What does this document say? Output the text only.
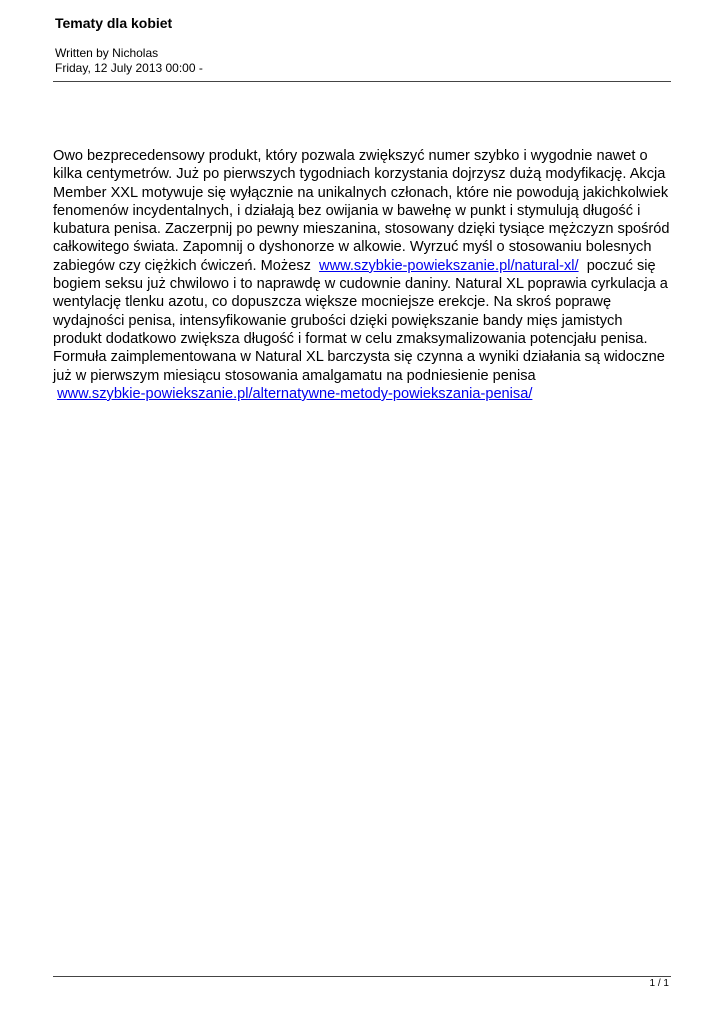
Tematy dla kobiet
Written by Nicholas
Friday, 12 July 2013 00:00 -

Owo bezprecedensowy produkt, który pozwala zwiększyć numer szybko i wygodnie nawet o kilka centymetrów. Już po pierwszych tygodniach korzystania dojrzysz dużą modyfikację. Akcja Member XXL motywuje się wyłącznie na unikalnych członach, które nie powodują jakichkolwiek fenomenów incydentalnych, i działają bez owijania w bawełnę w punkt i stymulują długość i kubatura penisa. Zaczerpnij po pewny mieszanina, stosowany dzięki tysiące mężczyzn spośród całkowitego świata. Zapomnij o dyshonorze w alkowie. Wyrzuć myśl o stosowaniu bolesnych zabiegów czy ciężkich ćwiczeń. Możesz www.szybkie-powiekszanie.pl/natural-xl/ poczuć się bogiem seksu już chwilowo i to naprawdę w cudownie daniny. Natural XL poprawia cyrkulacja a wentylację tlenku azotu, co dopuszcza większe mocniejsze erekcje. Na skroś poprawę wydajności penisa, intensyfikowanie grubości dzięki powiększanie bandy mięs jamistych produkt dodatkowo zwiększa długość i format w celu zmaksymalizowania potencjału penisa. Formuła zaimplementowana w Natural XL barczysta się czynna a wyniki działania są widoczne już w pierwszym miesiącu stosowania amalgamatu na podniesienie penisa
www.szybkie-powiekszanie.pl/alternatywne-metody-powiekszania-penisa/

1 / 1
